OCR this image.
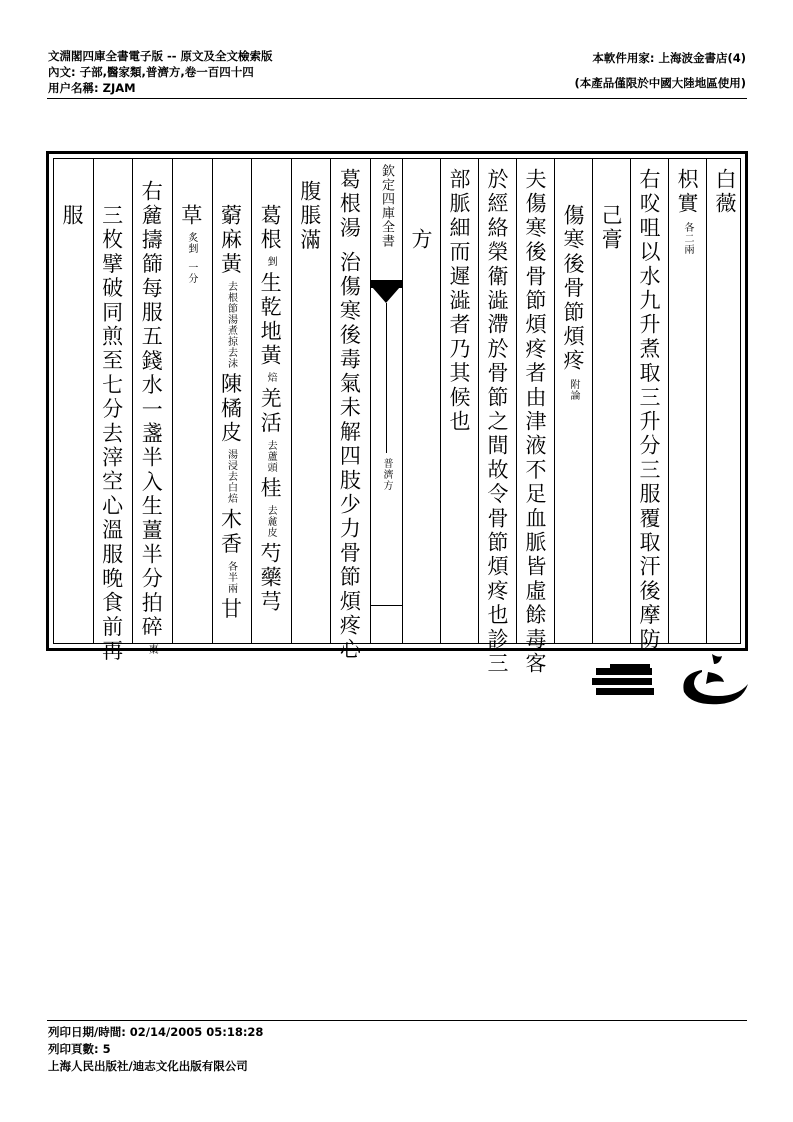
文淵閣四庫全書電子版 -- 原文及全文檢索版
內文: 子部,醫家類,普濟方,卷一百四十四
用户名稱: ZJAM
本軟件用家: 上海波金書店(4)
(本產品僅限於中國大陸地區使用)
白薇
枳實各二兩
右㕮咀以水九升煮取三升分三服覆取汗後摩防
己膏
傷寒後骨節煩疼附論
夫傷寒後骨節煩疼者由津液不足血脈皆虛餘毒客
於經絡榮衛澁滯於骨節之間故令骨節煩疼也診三
部脈細而遲澁者乃其候也
方
欽定四庫全書
普濟方
葛根湯治傷寒後毒氣未解四肢少力骨節煩疼心
腹脹滿
葛根剉生乾地黃焙羌活去蘆頭桂去麄皮芍藥芎
藭麻黃去根節湯煮掠去沫陳橘皮湯浸去白焙木香各半兩甘
草炙剉一分
右麄擣篩每服五錢水一盞半入生薑半分拍碎棗
三枚擘破同煎至七分去滓空心溫服晚食前再
服
列印日期/時間: 02/14/2005 05:18:28
列印頁數: 5
上海人民出版社/迪志文化出版有限公司
